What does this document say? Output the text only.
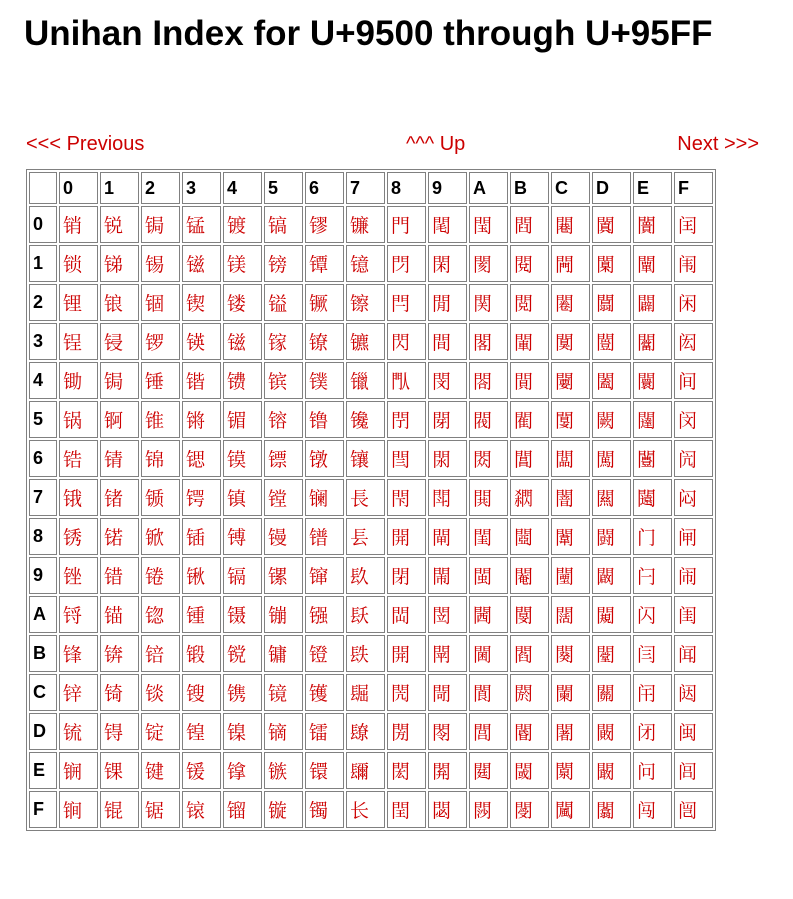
Unihan Index for U+9500 through U+95FF
<<< Previous	^^^ Up	Next >>>
	0	1	2	3	4	5	6	7	8	9	A	B	C	D	E	F
0	销	锐	锔	锰	镀	镐	镠	镰	門	閐	閠	閰	闀	闐	闠	闰
1	锁	锑	锡	镃	镁	镑	镡	镱	閁	閑	閡	閱	闁	闑	闡	闱
2	锂	锒	锢	锲	镂	镒	镢	镲	閂	閒	関	閲	闂	闒	闢	闲
3	锃	锓	锣	锳	镃	镓	镣	镳	閃	間	閣	閳	闃	闓	闣	闳
4	锄	锔	锤	锴	镄	镔	镤	镴	閄	閔	閤	閴	闄	闔	闤	间
5	锅	锕	锥	锵	镅	镕	镥	镵	閅	閕	閥	閵	闅	闕	闥	闵
6	锆	锖	锦	锶	镆	镖	镦	镶	閆	閖	閦	閶	闆	闖	闦	闶
7	锇	锗	锧	锷	镇	镗	镧	長	閇	閗	閧	閷	闇	闗	闧	闷
8	锈	锘	锨	锸	镈	镘	镨	镸	開	閘	閨	閸	闈	闘	门	闸
9	锉	错	锩	锹	镉	镙	镩	镹	閉	閙	閩	閹	闉	闙	闩	闹
A	锊	锚	锪	锺	镊	镚	镪	镺	閊	閚	閪	閺	闊	闚	闪	闺
B	锋	锛	锫	锻	镋	镛	镫	镻	開	閛	閫	閻	闋	闛	闫	闻
C	锌	锜	锬	锼	镌	镜	镬	镼	閌	閜	閬	閼	闌	關	闬	闼
D	锍	锝	锭	锽	镍	镝	镭	镽	閍	閝	閭	閽	闍	闝	闭	闽
E	锎	锞	键	锾	镎	镞	镮	镾	閎	閞	閮	閾	闎	闞	问	闾
F	锏	锟	锯	锿	镏	镟	镯	长	閏	閟	閯	閿	闏	闟	闯	闿
